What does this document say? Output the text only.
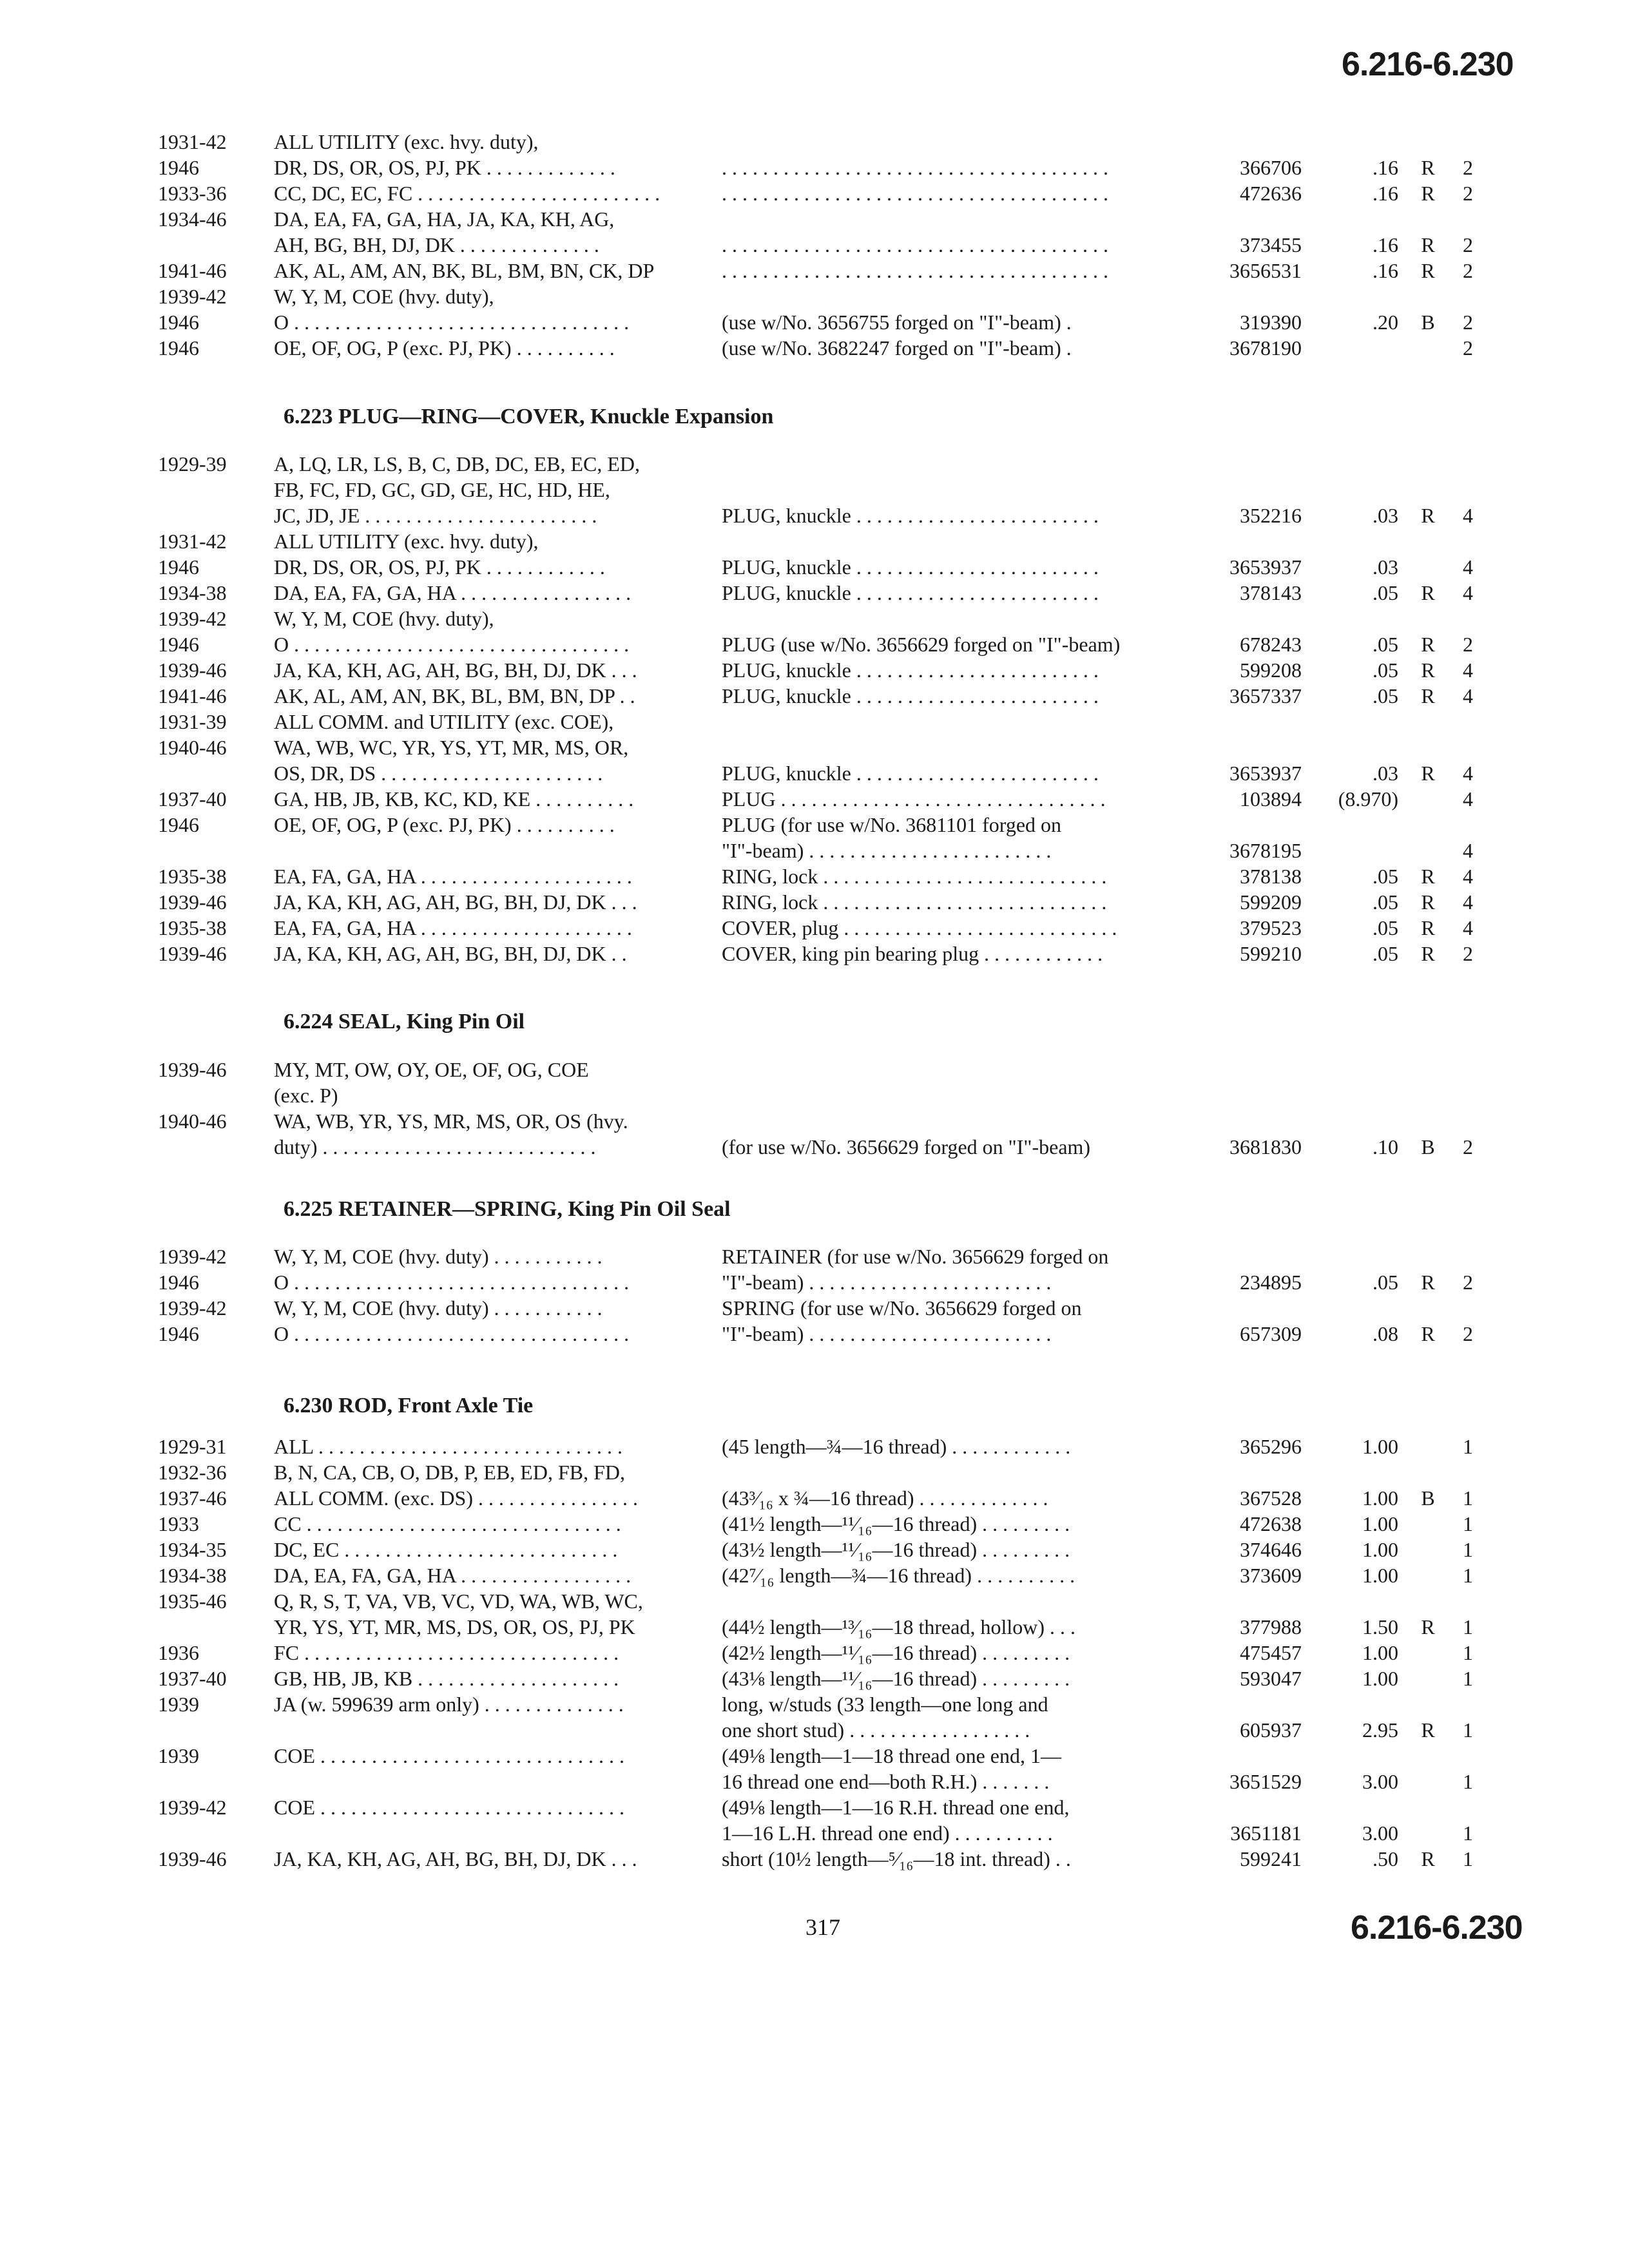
6.216-6.230
1931-42 ALL UTILITY (exc. hvy. duty),
1946	DR, DS, OR, OS, PJ, PK . . . . . . . . . . . . .	. . . . . . . . . . . . . . . . . . . . . . . . . . . . . . . . . . . . . .	366706	.16 R	2
1933-36 CC, DC, EC, FC . . . . . . . . . . . . . . . . . . . . . . . .	. . . . . . . . . . . . . . . . . . . . . . . . . . . . . . . . . . . . . .	472636	.16 R	2
1934-46 DA, EA, FA, GA, HA, JA, KA, KH, AG,
AH, BG, BH, DJ, DK . . . . . . . . . . . . . .	. . . . . . . . . . . . . . . . . . . . . . . . . . . . . . . . . . . . . .	373455	.16 R	2
1941-46 AK, AL, AM, AN, BK, BL, BM, BN, CK, DP	. . . . . . . . . . . . . . . . . . . . . . . . . . . . . . . . . . . . . .	3656531	.16 R	2
1939-42 W, Y, M, COE (hvy. duty),
1946	O . . . . . . . . . . . . . . . . . . . . . . . . . . . . . . . . .	(use w/No. 3656755 forged on "I"-beam) .	319390	.20 B	2
1946	OE, OF, OG, P (exc. PJ, PK) . . . . . . . . . .	(use w/No. 3682247 forged on "I"-beam) .	3678190	2
6.223 PLUG—RING—COVER, Knuckle Expansion
1929-39 A, LQ, LR, LS, B, C, DB, DC, EB, EC, ED,
FB, FC, FD, GC, GD, GE, HC, HD, HE,
JC, JD, JE . . . . . . . . . . . . . . . . . . . . . . .	PLUG, knuckle . . . . . . . . . . . . . . . . . . . . . . . .	352216	.03 R	4
1931-42 ALL UTILITY (exc. hvy. duty),
1946	DR, DS, OR, OS, PJ, PK . . . . . . . . . . . .	PLUG, knuckle . . . . . . . . . . . . . . . . . . . . . . . .	3653937	.03	4
1934-38 DA, EA, FA, GA, HA . . . . . . . . . . . . . . . . .	PLUG, knuckle . . . . . . . . . . . . . . . . . . . . . . . .	378143	.05 R	4
1939-42 W, Y, M, COE (hvy. duty),
1946	O . . . . . . . . . . . . . . . . . . . . . . . . . . . . . . . . .	PLUG (use w/No. 3656629 forged on "I"-beam)	678243	.05 R	2
1939-46 JA, KA, KH, AG, AH, BG, BH, DJ, DK . . .	PLUG, knuckle . . . . . . . . . . . . . . . . . . . . . . . .	599208	.05 R	4
1941-46 AK, AL, AM, AN, BK, BL, BM, BN, DP . .	PLUG, knuckle . . . . . . . . . . . . . . . . . . . . . . . .	3657337	.05 R	4
1931-39 ALL COMM. and UTILITY (exc. COE),
1940-46 WA, WB, WC, YR, YS, YT, MR, MS, OR,
OS, DR, DS . . . . . . . . . . . . . . . . . . . . . .	PLUG, knuckle . . . . . . . . . . . . . . . . . . . . . . . .	3653937	.03 R	4
1937-40 GA, HB, JB, KB, KC, KD, KE . . . . . . . . . .	PLUG . . . . . . . . . . . . . . . . . . . . . . . . . . . . . . . .	103894	(8.970)	4
1946	OE, OF, OG, P (exc. PJ, PK) . . . . . . . . . .	PLUG (for use w/No. 3681101 forged on
"I"-beam) . . . . . . . . . . . . . . . . . . . . . . . .	3678195	4
1935-38 EA, FA, GA, HA . . . . . . . . . . . . . . . . . . . . .	RING, lock . . . . . . . . . . . . . . . . . . . . . . . . . . . .	378138	.05 R	4
1939-46 JA, KA, KH, AG, AH, BG, BH, DJ, DK . . .	RING, lock . . . . . . . . . . . . . . . . . . . . . . . . . . . .	599209	.05 R	4
1935-38 EA, FA, GA, HA . . . . . . . . . . . . . . . . . . . . .	COVER, plug . . . . . . . . . . . . . . . . . . . . . . . . . . .	379523	.05 R	4
1939-46 JA, KA, KH, AG, AH, BG, BH, DJ, DK . .	COVER, king pin bearing plug . . . . . . . . . . . .	599210	.05 R	2
6.224 SEAL, King Pin Oil
1939-46 MY, MT, OW, OY, OE, OF, OG, COE
(exc. P)
1940-46 WA, WB, YR, YS, MR, MS, OR, OS (hvy.
duty) . . . . . . . . . . . . . . . . . . . . . . . . . . .	(for use w/No. 3656629 forged on "I"-beam)	3681830	.10 B	2
6.225 RETAINER—SPRING, King Pin Oil Seal
1939-42 W, Y, M, COE (hvy. duty) . . . . . . . . . . .	RETAINER (for use w/No. 3656629 forged on
1946	O . . . . . . . . . . . . . . . . . . . . . . . . . . . . . . . . .	"I"-beam) . . . . . . . . . . . . . . . . . . . . . . . .	234895	.05 R	2
1939-42 W, Y, M, COE (hvy. duty) . . . . . . . . . . .	SPRING (for use w/No. 3656629 forged on
1946	O . . . . . . . . . . . . . . . . . . . . . . . . . . . . . . . . .	"I"-beam) . . . . . . . . . . . . . . . . . . . . . . . .	657309	.08 R	2
6.230 ROD, Front Axle Tie
1929-31 ALL . . . . . . . . . . . . . . . . . . . . . . . . . . . . . .	(45 length—¾—16 thread) . . . . . . . . . . . .	365296	1.00	1
1932-36 B, N, CA, CB, O, DB, P, EB, ED, FB, FD,
1937-46 ALL COMM. (exc. DS) . . . . . . . . . . . . . . . .	(43³⁄₁₆ x ¾—16 thread) . . . . . . . . . . . . .	367528	1.00 B	1
1933	CC . . . . . . . . . . . . . . . . . . . . . . . . . . . . . . .	(41½ length—¹¹⁄₁₆—16 thread) . . . . . . . . .	472638	1.00	1
1934-35 DC, EC . . . . . . . . . . . . . . . . . . . . . . . . . . .	(43½ length—¹¹⁄₁₆—16 thread) . . . . . . . . .	374646	1.00	1
1934-38 DA, EA, FA, GA, HA . . . . . . . . . . . . . . . . .	(42⁷⁄₁₆ length—¾—16 thread) . . . . . . . . . .	373609	1.00	1
1935-46 Q, R, S, T, VA, VB, VC, VD, WA, WB, WC,
YR, YS, YT, MR, MS, DS, OR, OS, PJ, PK	(44½ length—¹³⁄₁₆—18 thread, hollow) . . .	377988	1.50 R	1
1936	FC . . . . . . . . . . . . . . . . . . . . . . . . . . . . . . .	(42½ length—¹¹⁄₁₆—16 thread) . . . . . . . . .	475457	1.00	1
1937-40 GB, HB, JB, KB . . . . . . . . . . . . . . . . . . . .	(43⅛ length—¹¹⁄₁₆—16 thread) . . . . . . . . .	593047	1.00	1
1939	JA (w. 599639 arm only) . . . . . . . . . . . . . .	long, w/studs (33 length—one long and
one short stud) . . . . . . . . . . . . . . . . . .	605937	2.95 R	1
1939	COE . . . . . . . . . . . . . . . . . . . . . . . . . . . . . .	(49⅛ length—1—18 thread one end, 1—
16 thread one end—both R.H.) . . . . . . .	3651529	3.00	1
1939-42 COE . . . . . . . . . . . . . . . . . . . . . . . . . . . . . .	(49⅛ length—1—16 R.H. thread one end,
1—16 L.H. thread one end) . . . . . . . . . .	3651181	3.00	1
1939-46 JA, KA, KH, AG, AH, BG, BH, DJ, DK . . .	short (10½ length—⁵⁄₁₆—18 int. thread) . .	599241	.50 R	1
317	6.216-6.230
